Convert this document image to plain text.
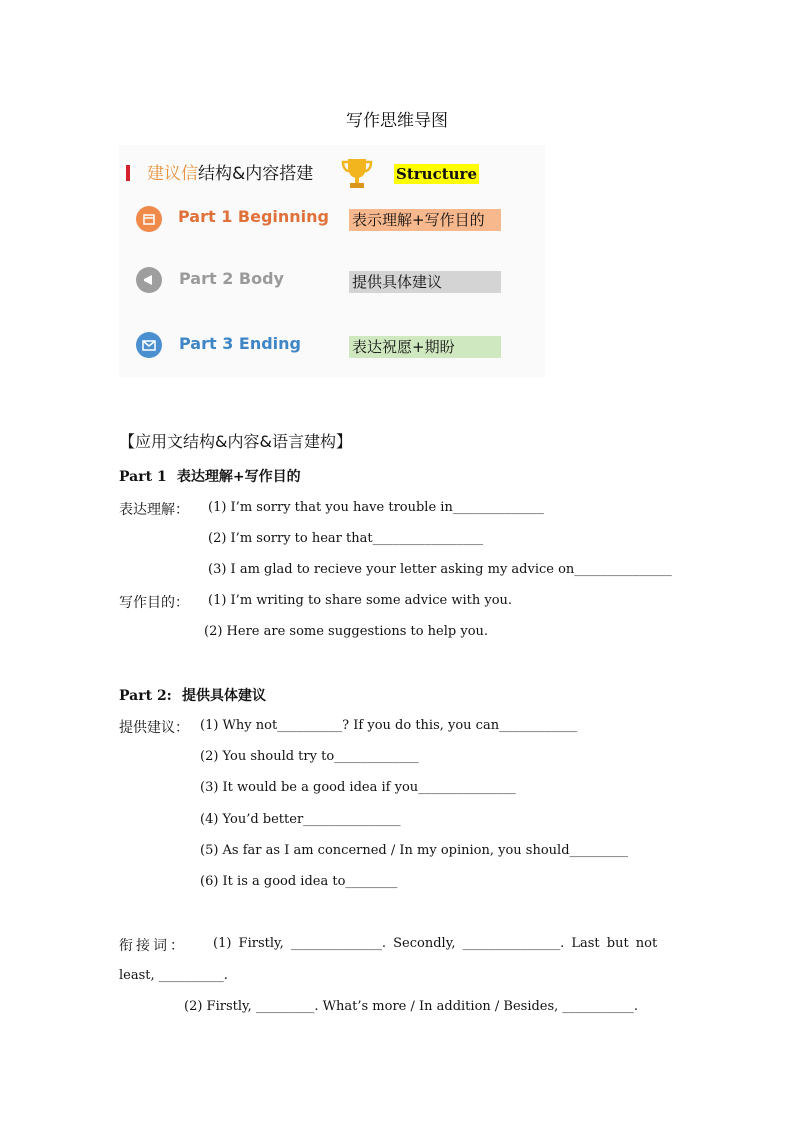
写作思维导图
建议信结构&内容搭建	Structure
Part 1 Beginning 表示理解+写作目的
Part 2 Body	提供具体建议
Part 3 Ending	表达祝愿+期盼
【应用文结构&内容&语言建构】
Part 1 表达理解+写作目的
表达理解： (1) I’m sorry that you have trouble in______________
(2) I’m sorry to hear that_________________
(3) I am glad to recieve your letter asking my advice on_______________
写作目的： (1) I’m writing to share some advice with you.
(2) Here are some suggestions to help you.
Part 2: 提供具体建议
提供建议： (1) Why not__________? If you do this, you can____________
(2) You should try to_____________
(3) It would be a good idea if you_______________
(4) You’d better_______________
(5) As far as I am concerned / In my opinion, you should_________
(6) It is a good idea to________
衔接词： (1) Firstly, ______________. Secondly, _______________. Last but not
least, __________.
(2) Firstly, _________. What’s more / In addition / Besides, ___________.
